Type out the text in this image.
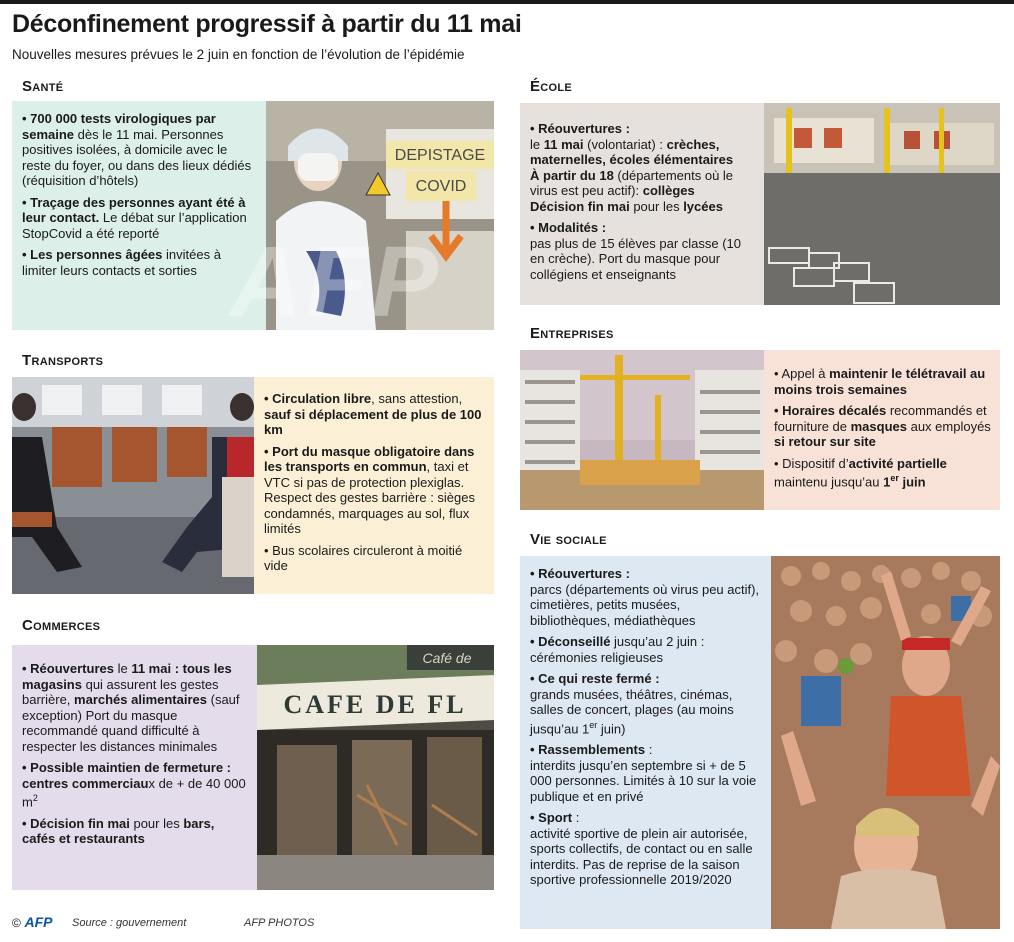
Déconfinement progressif à partir du 11 mai
Nouvelles mesures prévues le 2 juin en fonction de l’évolution de l’épidémie
Santé

• 700 000 tests virologiques par semaine dès le 11 mai. Personnes positives isolées, à domicile avec le reste du foyer, ou dans des lieux dédiés (réquisition d’hôtels)

• Traçage des personnes ayant été à leur contact. Le débat sur l’application StopCovid a été reporté

• Les personnes âgées invitées à limiter leurs contacts et sorties

DEPISTAGE
COVID
École

• Réouvertures :
le 11 mai (volontariat) : crèches, maternelles, écoles élémentaires
À partir du 18 (départements où le virus est peu actif): collèges
Décision fin mai pour les lycées

• Modalités :
pas plus de 15 élèves par classe (10 en crèche). Port du masque pour collégiens et enseignants

Transports

• Circulation libre, sans attestion, sauf si déplacement de plus de 100 km

• Port du masque obligatoire dans les transports en commun, taxi et VTC si pas de protection plexiglas. Respect des gestes barrière : sièges condamnés, marquages au sol, flux limités

• Bus scolaires circuleront à moitié vide

Entreprises

• Appel à maintenir le télétravail au moins trois semaines

• Horaires décalés recommandés et fourniture de masques aux employés si retour sur site

• Dispositif d’activité partielle maintenu jusqu’au 1er juin

Commerces

• Réouvertures le 11 mai : tous les magasins qui assurent les gestes barrière, marchés alimentaires (sauf exception) Port du masque recommandé quand difficulté à respecter les distances minimales

• Possible maintien de fermeture : centres commerciaux de + de 40 000 $m^2$

• Décision fin mai pour les bars, cafés et restaurants

Café de
CAFE DE FL
Vie sociale

• Réouvertures :
parcs (départements où virus peu actif), cimetières, petits musées, bibliothèques, médiathèques

• Déconseillé jusqu’au 2 juin :
cérémonies religieuses

• Ce qui reste fermé :
grands musées, théâtres, cinémas, salles de concert, plages (au moins jusqu’au 1er juin)

• Rassemblements :
interdits jusqu’en septembre si + de 5 000 personnes. Limités à 10 sur la voie publique et en privé

• Sport :
activité sportive de plein air autorisée, sports collectifs, de contact ou en salle interdits. Pas de reprise de la saison sportive professionnelle 2019/2020

AFP
© AFP Source : gouvernement	AFP PHOTOS
